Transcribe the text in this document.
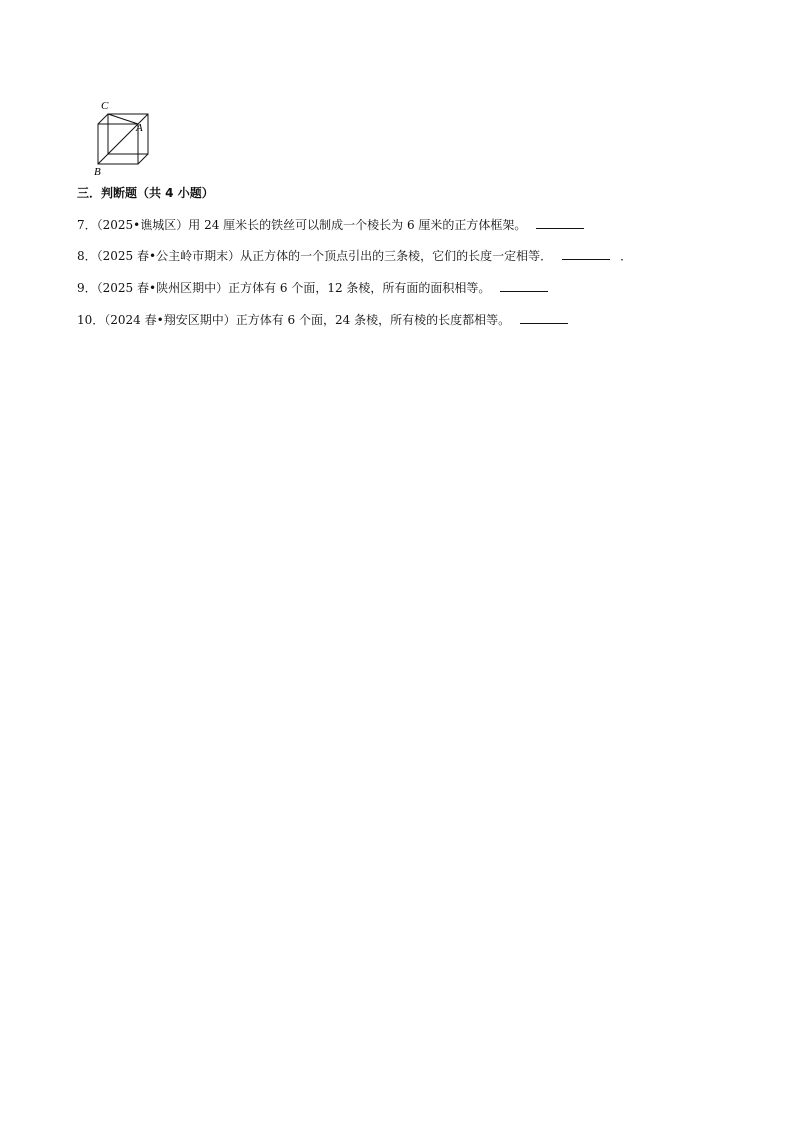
C
A
B
三．判断题（共 4 小题）
7．（2025•谯城区）用 24 厘米长的铁丝可以制成一个棱长为 6 厘米的正方体框架。
8．（2025 春•公主岭市期末）从正方体的一个顶点引出的三条棱，它们的长度一定相等．	．
9．（2025 春•陕州区期中）正方体有 6 个面，12 条棱，所有面的面积相等。
10．（2024 春•翔安区期中）正方体有 6 个面，24 条棱，所有棱的长度都相等。
